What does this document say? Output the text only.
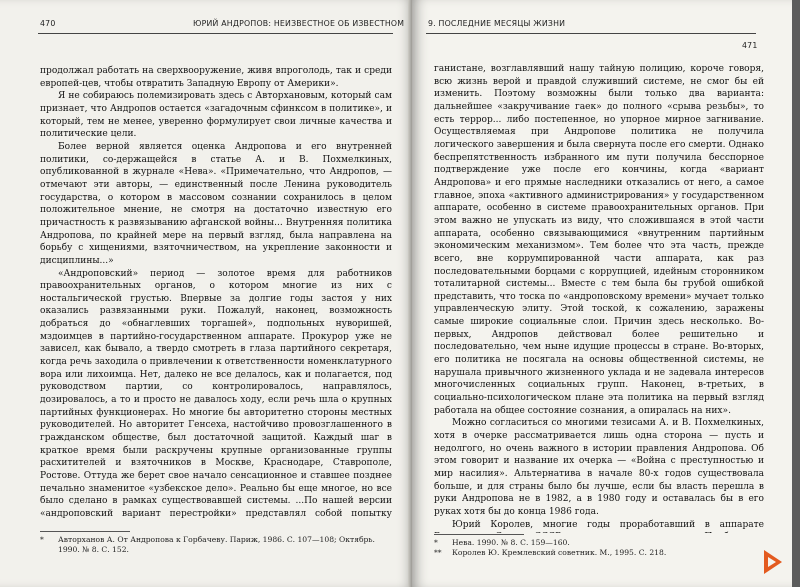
470	ЮРИЙ АНДРОПОВ: НЕИЗВЕСТНОЕ ОБ ИЗВЕСТНОМ

продолжал работать на сверхвооружение, живя впроголодь, так и среди европей-цев, чтобы отвратить Западную Европу от Америки».

Я не собираюсь полемизировать здесь с Авторхановым, который сам признает, что Андропов остается «загадочным сфинксом в политике», и который, тем не менее, уверенно формулирует свои личные качества и политические цели.

Более верной является оценка Андропова и его внутренней политики, со-держащейся в статье А. и В. Похмелкиных, опубликованной в журнале «Нева». «Примечательно, что Андропов, — отмечают эти авторы, — единственный после Ленина руководитель государства, о котором в массовом сознании сохранилось в целом положительное мнение, не смотря на достаточно известную его причастность к развязыванию афганской войны... Внутренняя политика Андропова, по крайней мере на первый взгляд, была направлена на борьбу с хищениями, взяточничеством, на укрепление законности и дисциплины...»

«Андроповский» период — золотое время для работников правоохранительных органов, о котором многие из них с ностальгической грустью. Впервые за долгие годы застоя у них оказались развязанными руки. Пожалуй, наконец, возможность добраться до «обнаглевших торгашей», подпольных нуворишей, мздоимцев в партийно-государственном аппарате. Прокурор уже не зависел, как бывало, а твердо смотреть в глаза партийного секретаря, когда речь заходила о привлечении к ответственности номенклатурного вора или лихоимца. Нет, далеко не все делалось, как и полагается, под руководством партии, со контролировалось, направлялось, дозировалось, а то и просто не давалось ходу, если речь шла о крупных партийных функционерах. Но многие бы авторитетно стороны местных руководителей. Но авторитет Генсеха, настойчиво провозглашенного в гражданском обществе, был достаточной защитой. Каждый шаг в краткое время были раскручены крупные организованные группы расхитителей и взяточников в Москве, Краснодаре, Ставрополе, Ростове. Оттуда же берет свое начало сенсационное и ставшее позднее печально знаменитое «узбекское дело». Реально бы еще многое, но все было сделано в рамках существовавшей системы. ...По нашей версии «андроповский вариант перестройки» представлял собой попытку

*	Авторханов А. От Андропова к Горбачеву. Париж, 1986. С. 107—108; Октябрь. 1990. № 8. С. 152.
9. ПОСЛЕДНИЕ МЕСЯЦЫ ЖИЗНИ
471

ганистане, возглавлявший нашу тайную полицию, короче говоря, всю жизнь верой и правдой служивший системе, не смог бы ей изменить. Поэтому возможны были только два варианта: дальнейшее «закручивание гаек» до полного «срыва резьбы», то есть террор... либо постепенное, но упорное мирное загнивание. Осуществляемая при Андропове политика не получила логического завершения и была свернута после его смерти. Однако беспрепятственность избранного им пути получила бесспорное подтверждение уже после его кончины, когда «вариант Андропова» и его прямые наследники отказались от него, а самое главное, эпоха «активного администрирования» у государственном аппарате, особенно в системе правоохранительных органов. При этом важно не упускать из виду, что сложившаяся в этой части аппарата, особенно связывающимися «внутренним партийным экономическим механизмом». Тем более что эта часть, прежде всего, вне коррумпированной части аппарата, как раз последовательными борцами с коррупцией, идейным сторонником тоталитарной системы... Вместе с тем была бы грубой ошибкой представить, что тоска по «андроповскому времени» мучает только управленческую элиту. Этой тоской, к сожалению, заражены самые широкие социальные слои. Причин здесь несколько. Во-первых, Андропов действовал более решительно и последовательно, чем ныне идущие процессы в стране. Во-вторых, его политика не посягала на основы общественной системы, не нарушала привычного жизненного уклада и не задевала интересов многочисленных социальных групп. Наконец, в-третьих, в социально-психологическом плане эта политика на первый взгляд работала на общее состояние сознания, а опиралась на них».

Можно согласиться со многими тезисами А. и В. Похмелкиных, хотя в очерке рассматривается лишь одна сторона — пусть и недолгого, но очень важного в истории правления Андропова. Об этом говорит и название их очерка — «Война с преступностью и мир насилия». Альтернатива в начале 80-х годов существовала больше, и для страны было бы лучше, если бы власть перешла в руки Андропова не в 1982, а в 1980 году и оставалась бы в его руках хотя бы до конца 1986 года.

Юрий Королев, многие годы проработавший в аппарате

*	Нева. 1990. № 8. С. 159—160.
**	Королев Ю. Кремлевский советник. М., 1995. С. 218.
